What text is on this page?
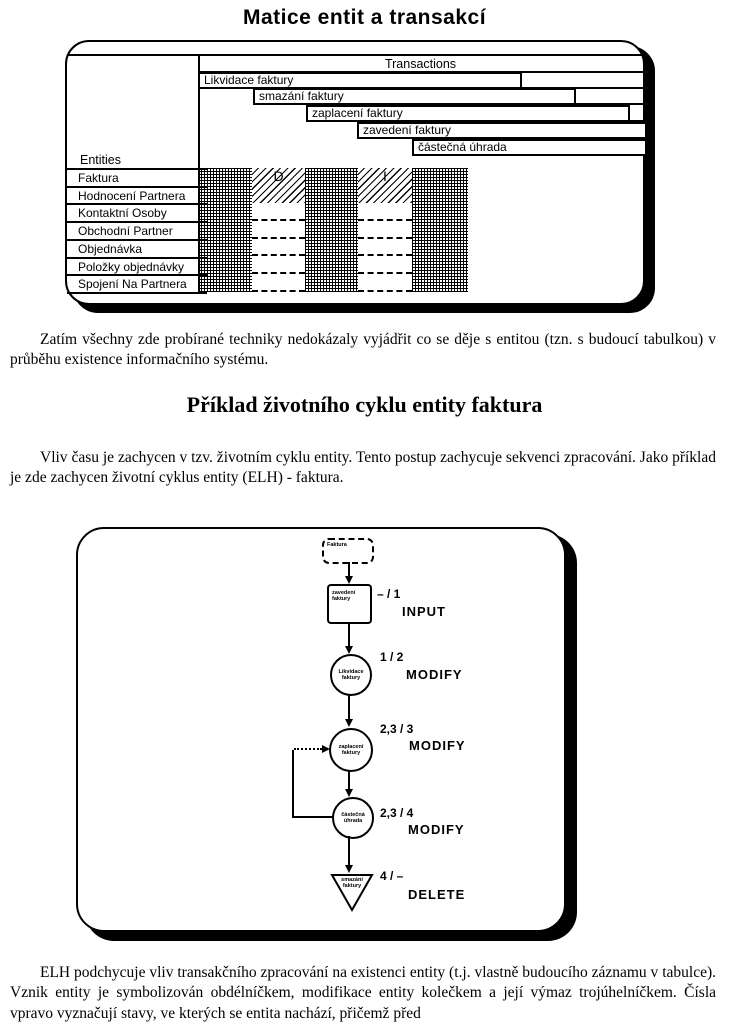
Matice entit a transakcí
Transactions
Likvidace faktury
smazání faktury
zaplacení faktury
zavedení faktury
částečná úhrada
Entities
Faktura
Hodnocení Partnera
Kontaktní Osoby
Obchodní Partner
Objednávka
Položky objednávky
Spojení Na Partnera
D	I
Zatím všechny zde probírané techniky nedokázaly vyjádřit co se děje s entitou (tzn. s budoucí tabulkou) v průběhu existence informačního systému.
Příklad životního cyklu entity faktura
Vliv času je zachycen v tzv. životním cyklu entity. Tento postup zachycuje sekvenci zpracování. Jako příklad je zde zachycen životní cyklus entity (ELH) - faktura.
Faktura
zavedení faktury	– / 1
INPUT
Likvidace faktury
1 / 2
MODIFY
zaplacení faktury
2,3 / 3
MODIFY
částečná úhrada
2,3 / 4
MODIFY
smazání faktury
4 / –
DELETE
ELH podchycuje vliv transakčního zpracování na existenci entity (t.j. vlastně budoucího záznamu v tabulce). Vznik entity je symbolizován obdélníčkem, modifikace entity kolečkem a její výmaz trojúhelníčkem. Čísla vpravo vyznačují stavy, ve kterých se entita nachází, přičemž před
